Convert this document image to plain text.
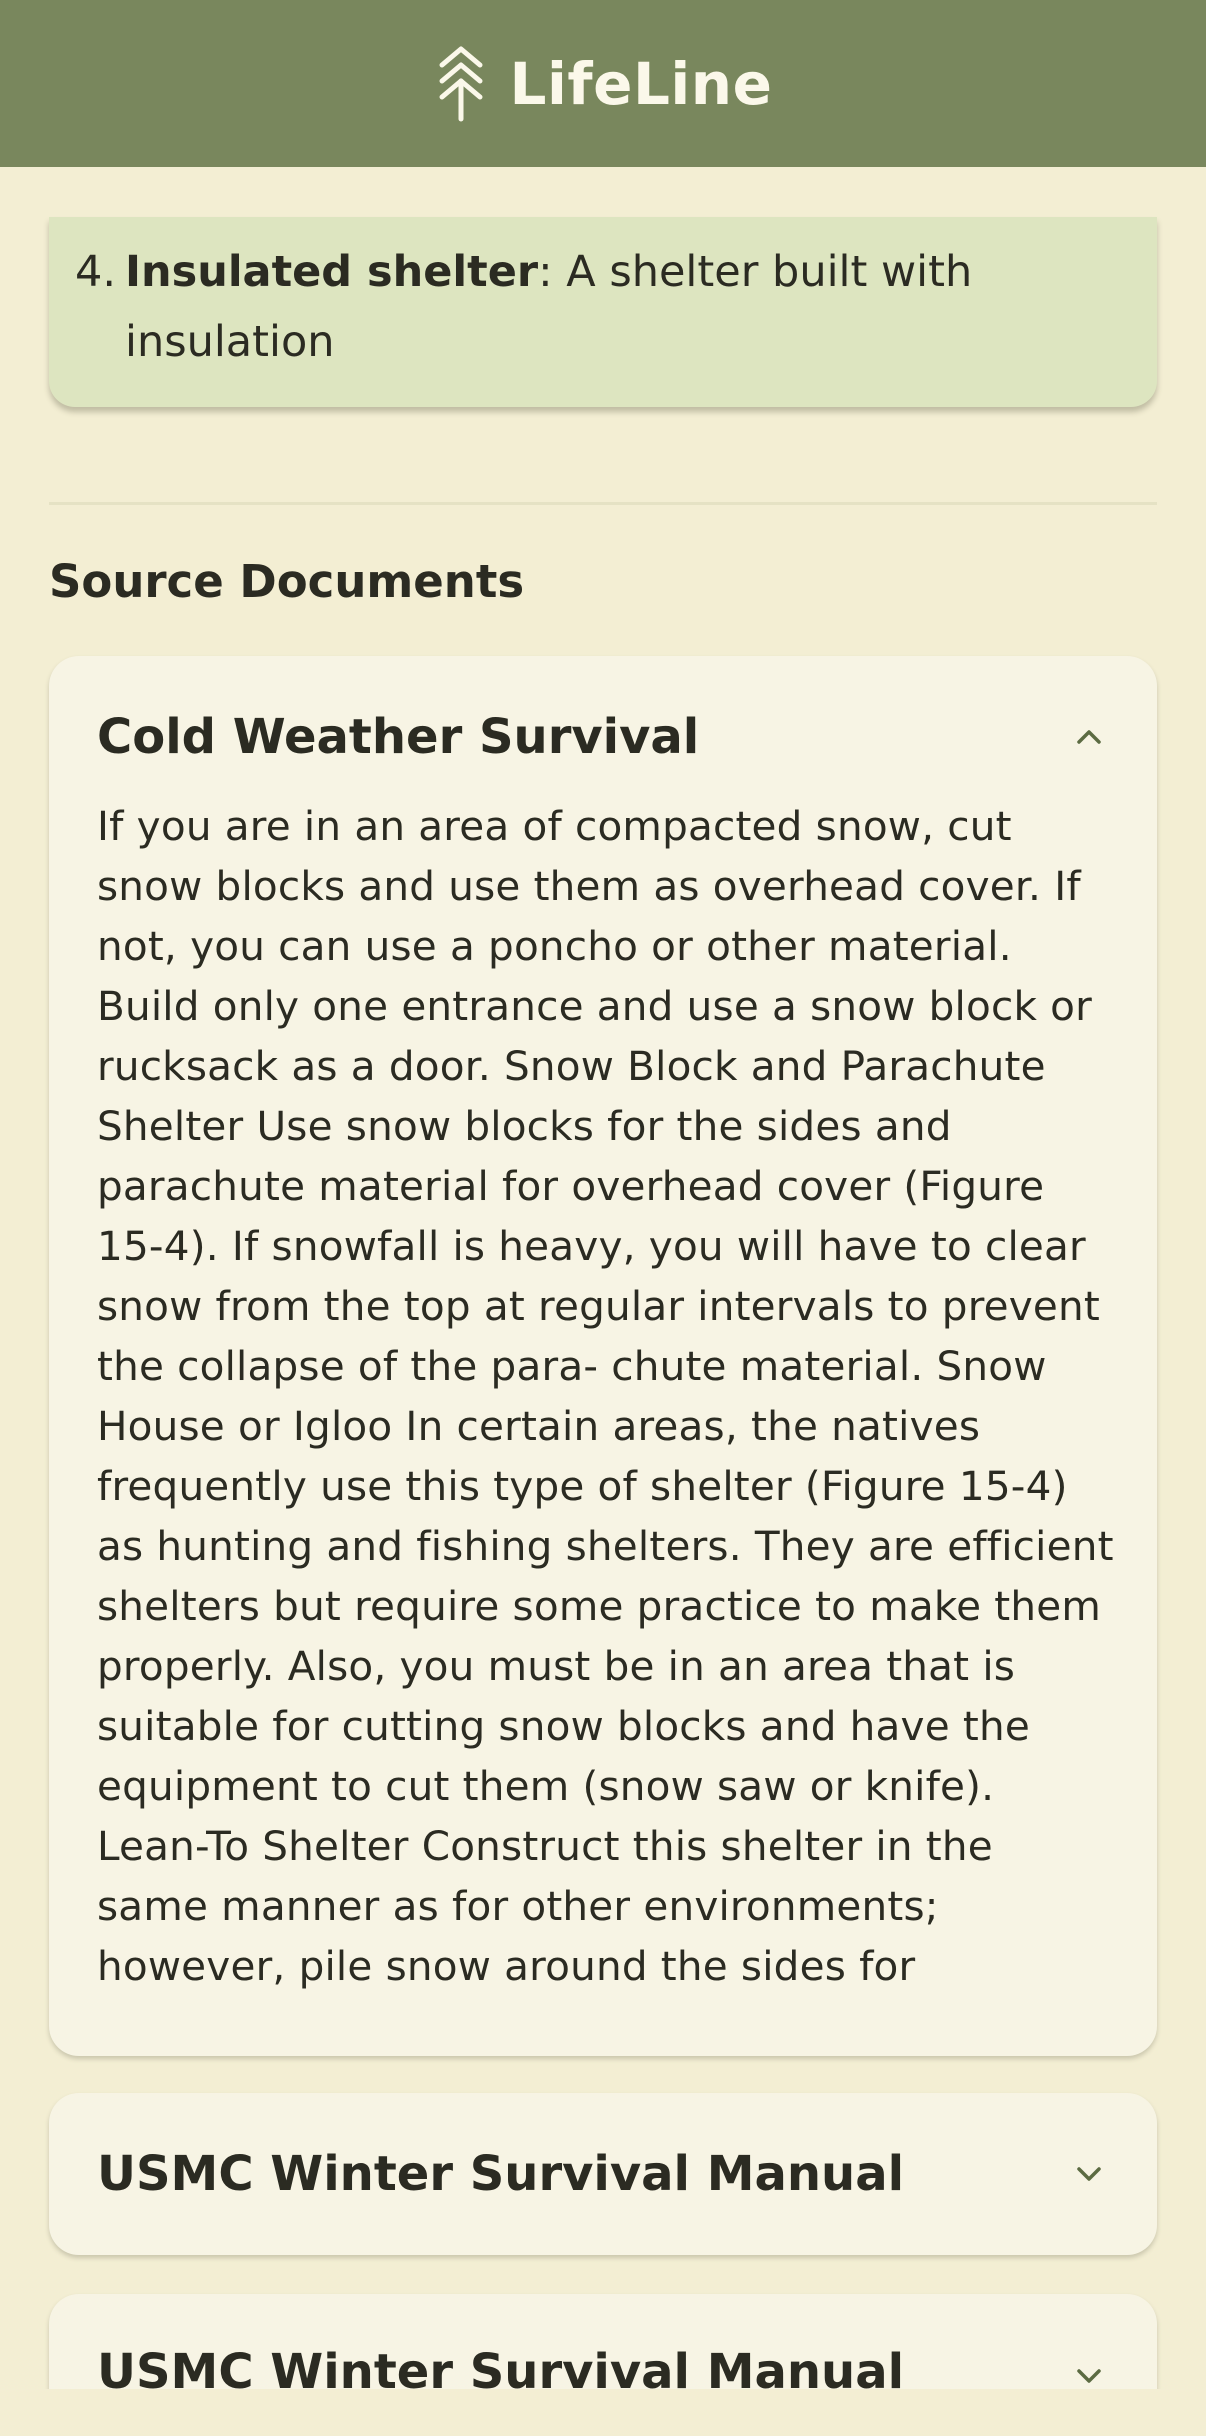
LifeLine
4. Insulated shelter: A shelter built with insulation
Source Documents
Cold Weather Survival

If you are in an area of compacted snow, cut snow blocks and use them as overhead cover. If not, you can use a poncho or other material. Build only one entrance and use a snow block or rucksack as a door. Snow Block and Parachute Shelter Use snow blocks for the sides and parachute material for overhead cover (Figure 15-4). If snowfall is heavy, you will have to clear snow from the top at regular intervals to prevent the collapse of the para- chute material. Snow House or Igloo In certain areas, the natives frequently use this type of shelter (Figure 15-4) as hunting and fishing shelters. They are efficient shelters but require some practice to make them properly. Also, you must be in an area that is suitable for cutting snow blocks and have the equipment to cut them (snow saw or knife). Lean-To Shelter Construct this shelter in the same manner as for other environments; however, pile snow around the sides for

USMC Winter Survival Manual
USMC Winter Survival Manual
